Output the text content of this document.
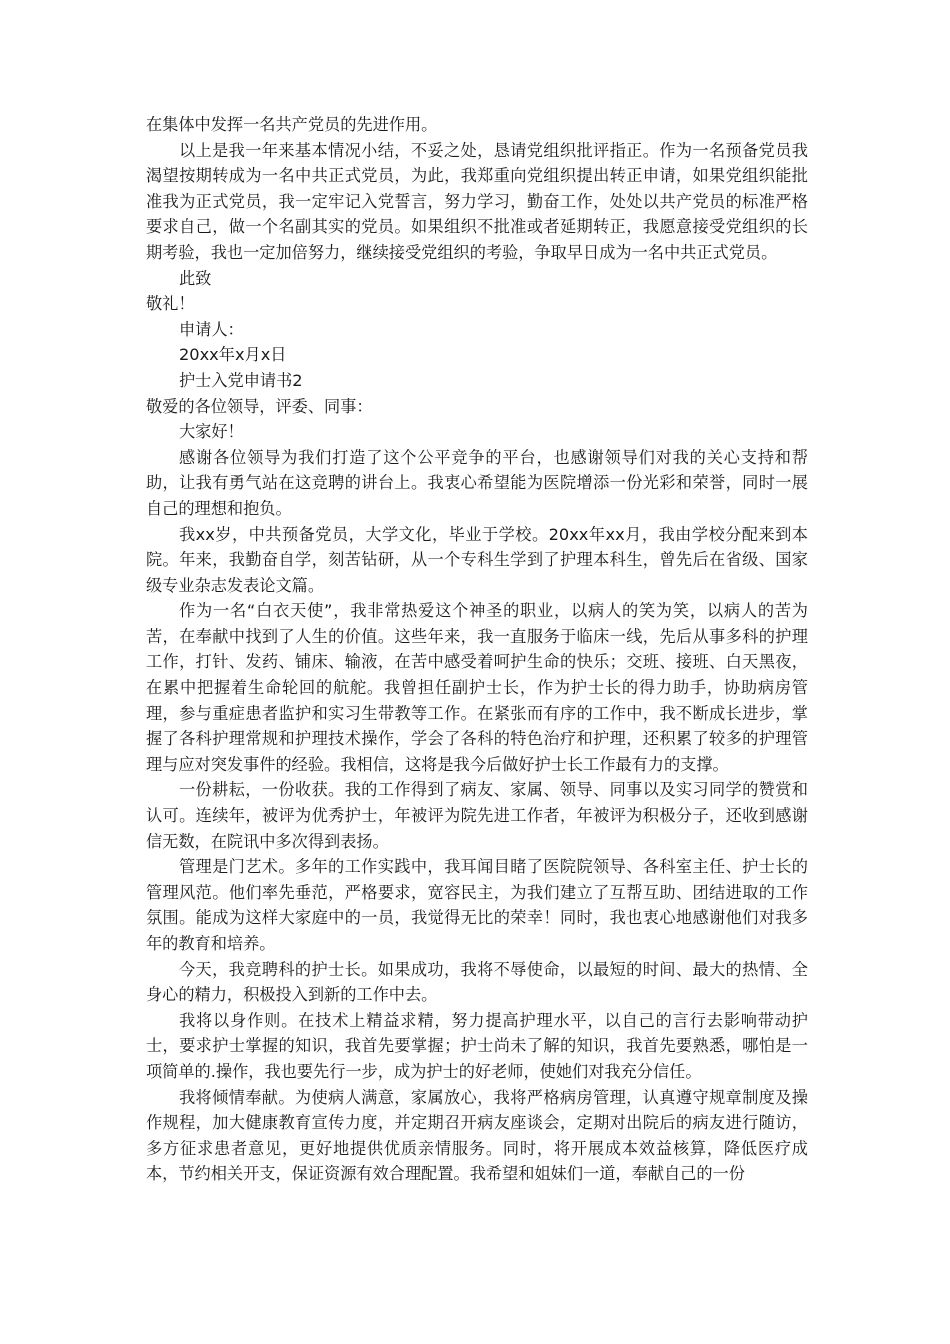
在集体中发挥一名共产党员的先进作用。

以上是我一年来基本情况小结，不妥之处，恳请党组织批评指正。作为一名预备党员我渴望按期转成为一名中共正式党员，为此，我郑重向党组织提出转正申请，如果党组织能批准我为正式党员，我一定牢记入党誓言，努力学习，勤奋工作，处处以共产党员的标准严格要求自己，做一个名副其实的党员。如果组织不批准或者延期转正，我愿意接受党组织的长期考验，我也一定加倍努力，继续接受党组织的考验，争取早日成为一名中共正式党员。

此致

敬礼！

申请人：

20xx年x月x日

护士入党申请书2

敬爱的各位领导，评委、同事：

大家好！

感谢各位领导为我们打造了这个公平竞争的平台，也感谢领导们对我的关心支持和帮助，让我有勇气站在这竞聘的讲台上。我衷心希望能为医院增添一份光彩和荣誉，同时一展自己的理想和抱负。

我xx岁，中共预备党员，大学文化，毕业于学校。20xx年xx月，我由学校分配来到本院。年来，我勤奋自学，刻苦钻研，从一个专科生学到了护理本科生，曾先后在省级、国家级专业杂志发表论文篇。

作为一名“白衣天使”，我非常热爱这个神圣的职业，以病人的笑为笑，以病人的苦为苦，在奉献中找到了人生的价值。这些年来，我一直服务于临床一线，先后从事多科的护理工作，打针、发药、铺床、输液，在苦中感受着呵护生命的快乐；交班、接班、白天黑夜，在累中把握着生命轮回的航舵。我曾担任副护士长，作为护士长的得力助手，协助病房管理，参与重症患者监护和实习生带教等工作。在紧张而有序的工作中，我不断成长进步，掌握了各科护理常规和护理技术操作，学会了各科的特色治疗和护理，还积累了较多的护理管理与应对突发事件的经验。我相信，这将是我今后做好护士长工作最有力的支撑。

一份耕耘，一份收获。我的工作得到了病友、家属、领导、同事以及实习同学的赞赏和认可。连续年，被评为优秀护士，年被评为院先进工作者，年被评为积极分子，还收到感谢信无数，在院讯中多次得到表扬。

管理是门艺术。多年的工作实践中，我耳闻目睹了医院院领导、各科室主任、护士长的管理风范。他们率先垂范，严格要求，宽容民主，为我们建立了互帮互助、团结进取的工作氛围。能成为这样大家庭中的一员，我觉得无比的荣幸！同时，我也衷心地感谢他们对我多年的教育和培养。

今天，我竞聘科的护士长。如果成功，我将不辱使命，以最短的时间、最大的热情、全身心的精力，积极投入到新的工作中去。

我将以身作则。在技术上精益求精，努力提高护理水平，以自己的言行去影响带动护士，要求护士掌握的知识，我首先要掌握；护士尚未了解的知识，我首先要熟悉，哪怕是一项简单的.操作，我也要先行一步，成为护士的好老师，使她们对我充分信任。

我将倾情奉献。为使病人满意，家属放心，我将严格病房管理，认真遵守规章制度及操作规程，加大健康教育宣传力度，并定期召开病友座谈会，定期对出院后的病友进行随访，多方征求患者意见，更好地提供优质亲情服务。同时，将开展成本效益核算，降低医疗成本，节约相关开支，保证资源有效合理配置。我希望和姐妹们一道，奉献自己的一份
